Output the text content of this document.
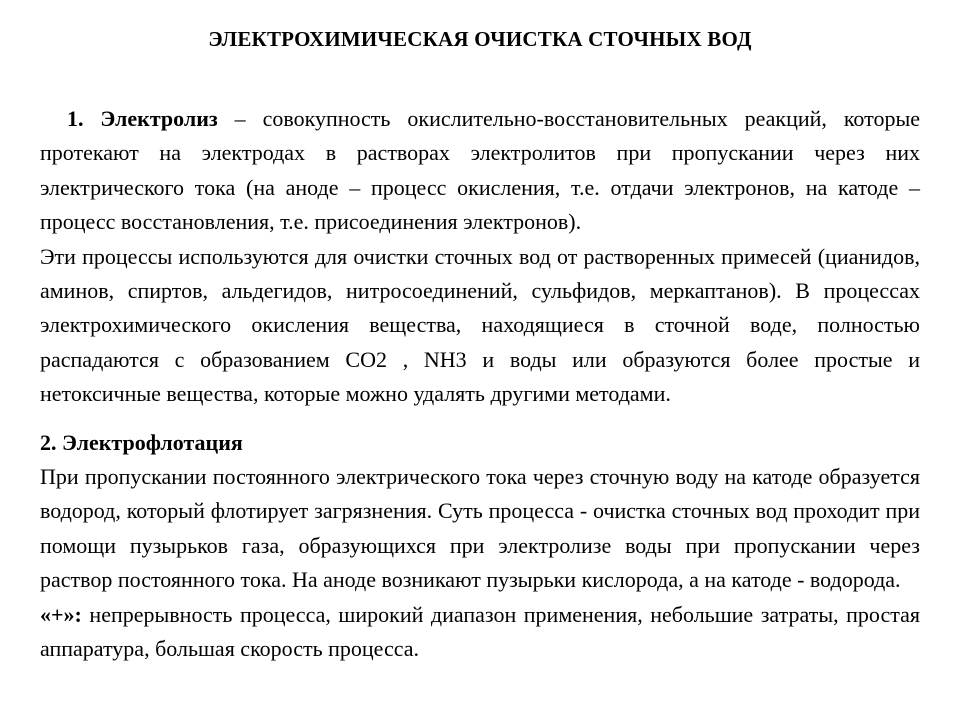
ЭЛЕКТРОХИМИЧЕСКАЯ ОЧИСТКА СТОЧНЫХ ВОД

1. Электролиз – совокупность окислительно-восстановительных реакций, которые протекают на электродах в растворах электролитов при пропускании через них электрического тока (на аноде – процесс окисления, т.е. отдачи электронов, на катоде – процесс восстановления, т.е. присоединения электронов).

Эти процессы используются для очистки сточных вод от растворенных примесей (цианидов, аминов, спиртов, альдегидов, нитросоединений, сульфидов, меркаптанов). В процессах электрохимического окисления вещества, находящиеся в сточной воде, полностью распадаются с образованием CO2 , NH3 и воды или образуются более простые и нетоксичные вещества, которые можно удалять другими методами.

2. Электрофлотация

При пропускании постоянного электрического тока через сточную воду на катоде образуется водород, который флотирует загрязнения. Суть процесса - очистка сточных вод проходит при помощи пузырьков газа, образующихся при электролизе воды при пропускании через раствор постоянного тока. На аноде возникают пузырьки кислорода, а на катоде - водорода.

«+»: непрерывность процесса, широкий диапазон применения, небольшие затраты, простая аппаратура, большая скорость процесса.
